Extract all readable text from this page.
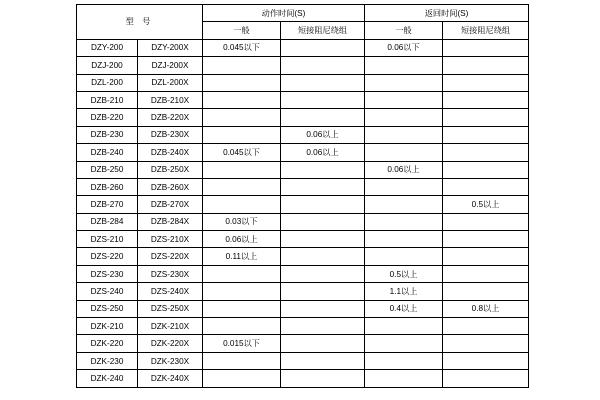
型 号		动作时间(S)		返回时间(S)	
		一般	短接阻尼绕组	一般	短接阻尼绕组
DZY-200	DZY-200X	0.045以下		0.06以下	
DZJ-200	DZJ-200X				
DZL-200	DZL-200X				
DZB-210	DZB-210X				
DZB-220	DZB-220X				
DZB-230	DZB-230X		0.06以上		
DZB-240	DZB-240X	0.045以下	0.06以上		
DZB-250	DZB-250X			0.06以上	
DZB-260	DZB-260X				
DZB-270	DZB-270X				0.5以上
DZB-284	DZB-284X	0.03以下			
DZS-210	DZS-210X	0.06以上			
DZS-220	DZS-220X	0.11以上			
DZS-230	DZS-230X			0.5以上	
DZS-240	DZS-240X			1.1以上	
DZS-250	DZS-250X			0.4以上	0.8以上
DZK-210	DZK-210X				
DZK-220	DZK-220X	0.015以下			
DZK-230	DZK-230X				
DZK-240	DZK-240X				
